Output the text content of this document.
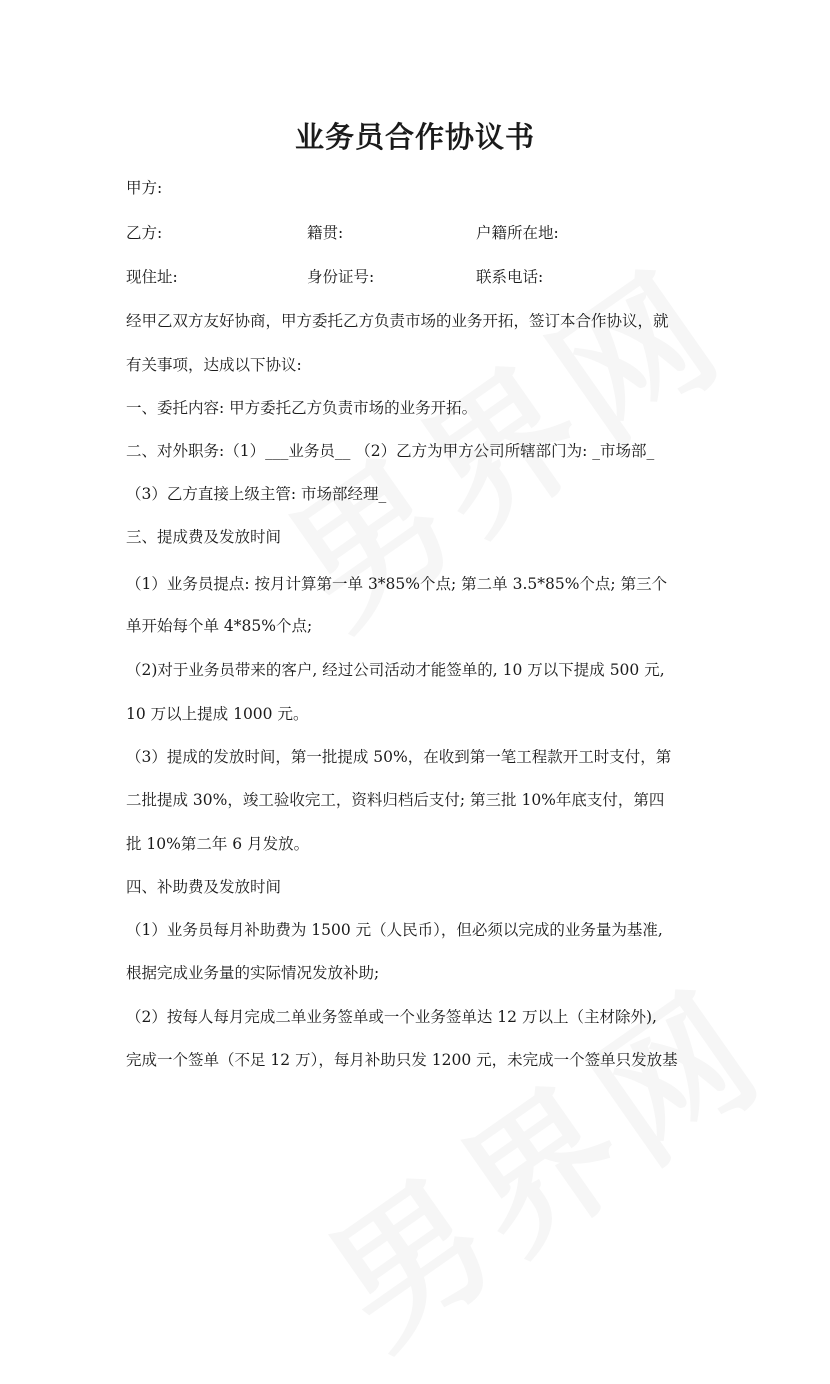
业务员合作协议书
甲方:
乙方:	籍贯:	户籍所在地:
现住址:	身份证号:	联系电话:
经甲乙双方友好协商，甲方委托乙方负责市场的业务开拓，签订本合作协议，就
有关事项，达成以下协议:
一、委托内容: 甲方委托乙方负责市场的业务开拓。
二、对外职务:（1）___业务员__ （2）乙方为甲方公司所辖部门为: _市场部_
（3）乙方直接上级主管: 市场部经理_
三、提成费及发放时间
（1）业务员提点: 按月计算第一单 3*85%个点; 第二单 3.5*85%个点; 第三个
单开始每个单 4*85%个点;
（2)对于业务员带来的客户, 经过公司活动才能签单的, 10 万以下提成 500 元,
10 万以上提成 1000 元。
（3）提成的发放时间，第一批提成 50%，在收到第一笔工程款开工时支付，第
二批提成 30%，竣工验收完工，资料归档后支付; 第三批 10%年底支付，第四
批 10%第二年 6 月发放。
四、补助费及发放时间
（1）业务员每月补助费为 1500 元（人民币），但必须以完成的业务量为基准,
根据完成业务量的实际情况发放补助;
（2）按每人每月完成二单业务签单或一个业务签单达 12 万以上（主材除外),
完成一个签单（不足 12 万），每月补助只发 1200 元，未完成一个签单只发放基
